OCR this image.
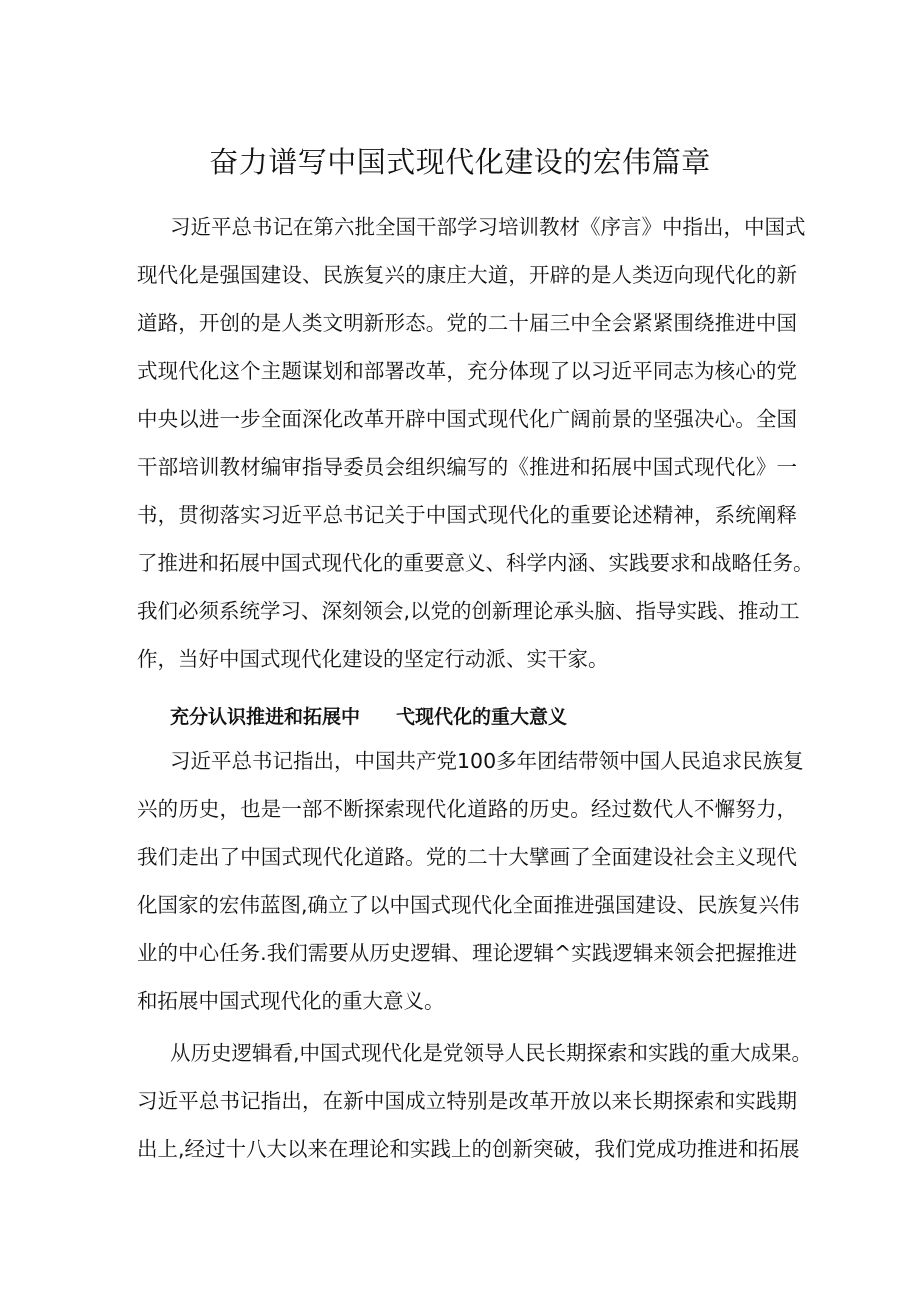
奋力谱写中国式现代化建设的宏伟篇章

习近平总书记在第六批全国干部学习培训教材《序言》中指出，中国式

现代化是强国建设、民族复兴的康庄大道，开辟的是人类迈向现代化的新

道路，开创的是人类文明新形态。党的二十届三中全会紧紧围绕推进中国

式现代化这个主题谋划和部署改革，充分体现了以习近平同志为核心的党

中央以进一步全面深化改革开辟中国式现代化广阔前景的坚强决心。全国

干部培训教材编审指导委员会组织编写的《推进和拓展中国式现代化》一

书，贯彻落实习近平总书记关于中国式现代化的重要论述精神，系统阐释

了推进和拓展中国式现代化的重要意义、科学内涵、实践要求和战略任务。

我们必须系统学习、深刻领会,以党的创新理论承头脑、指导实践、推动工

作，当好中国式现代化建设的坚定行动派、实干家。

充分认识推进和拓展中 弋现代化的重大意义

习近平总书记指出，中国共产党100多年团结带领中国人民追求民族复

兴的历史，也是一部不断探索现代化道路的历史。经过数代人不懈努力，

我们走出了中国式现代化道路。党的二十大擘画了全面建设社会主义现代

化国家的宏伟蓝图,确立了以中国式现代化全面推进强国建设、民族复兴伟

业的中心任务.我们需要从历史逻辑、理论逻辑^实践逻辑来领会把握推进

和拓展中国式现代化的重大意义。

从历史逻辑看,中国式现代化是党领导人民长期探索和实践的重大成果。

习近平总书记指出，在新中国成立特别是改革开放以来长期探索和实践期

出上,经过十八大以来在理论和实践上的创新突破，我们党成功推进和拓展
